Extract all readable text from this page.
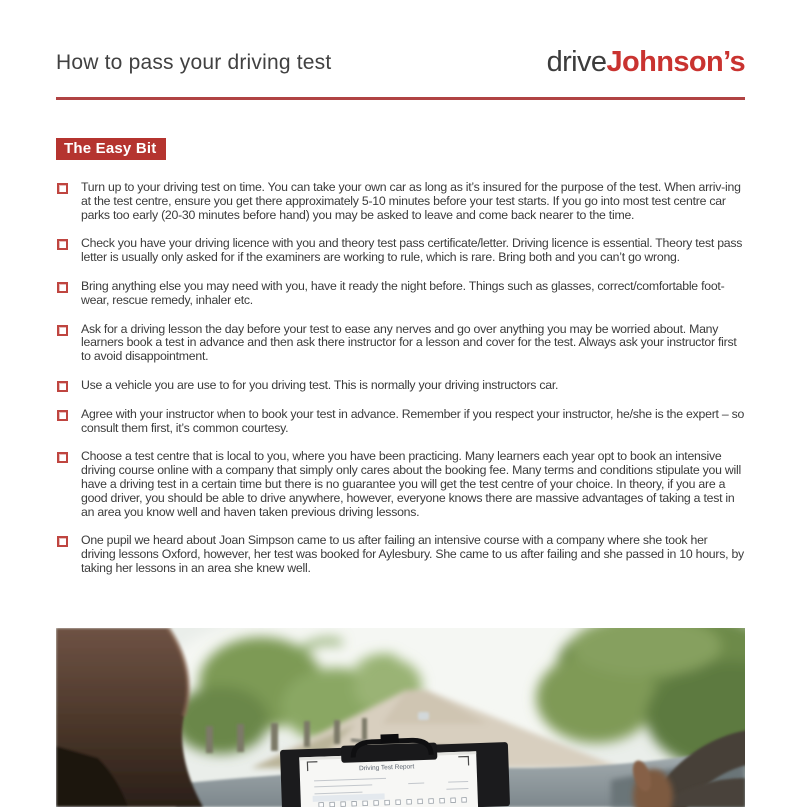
How to pass your driving test	driveJohnson’s
The Easy Bit
Turn up to your driving test on time. You can take your own car as long as it’s insured for the purpose of the test. When arriv-ing at the test centre, ensure you get there approximately 5-10 minutes before your test starts. If you go into most test centre car parks too early (20-30 minutes before hand) you may be asked to leave and come back nearer to the time.
Check you have your driving licence with you and theory test pass certificate/letter. Driving licence is essential. Theory test pass letter is usually only asked for if the examiners are working to rule, which is rare. Bring both and you can’t go wrong.
Bring anything else you may need with you, have it ready the night before. Things such as glasses, correct/comfortable foot-wear, rescue remedy, inhaler etc.
Ask for a driving lesson the day before your test to ease any nerves and go over anything you may be worried about. Many learners book a test in advance and then ask there instructor for a lesson and cover for the test. Always ask your instructor first to avoid disappointment.
Use a vehicle you are use to for you driving test. This is normally your driving instructors car.
Agree with your instructor when to book your test in advance. Remember if you respect your instructor, he/she is the expert – so consult them first, it’s common courtesy.
Choose a test centre that is local to you, where you have been practicing. Many learners each year opt to book an intensive driving course online with a company that simply only cares about the booking fee. Many terms and conditions stipulate you will have a driving test in a certain time but there is no guarantee you will get the test centre of your choice. In theory, if you are a good driver, you should be able to drive anywhere, however, everyone knows there are massive advantages of taking a test in an area you know well and haven taken previous driving lessons.
One pupil we heard about Joan Simpson came to us after failing an intensive course with a company where she took her driving lessons Oxford, however, her test was booked for Aylesbury. She came to us after failing and she passed in 10 hours, by taking her lessons in an area she knew well.
Driving Test Report
